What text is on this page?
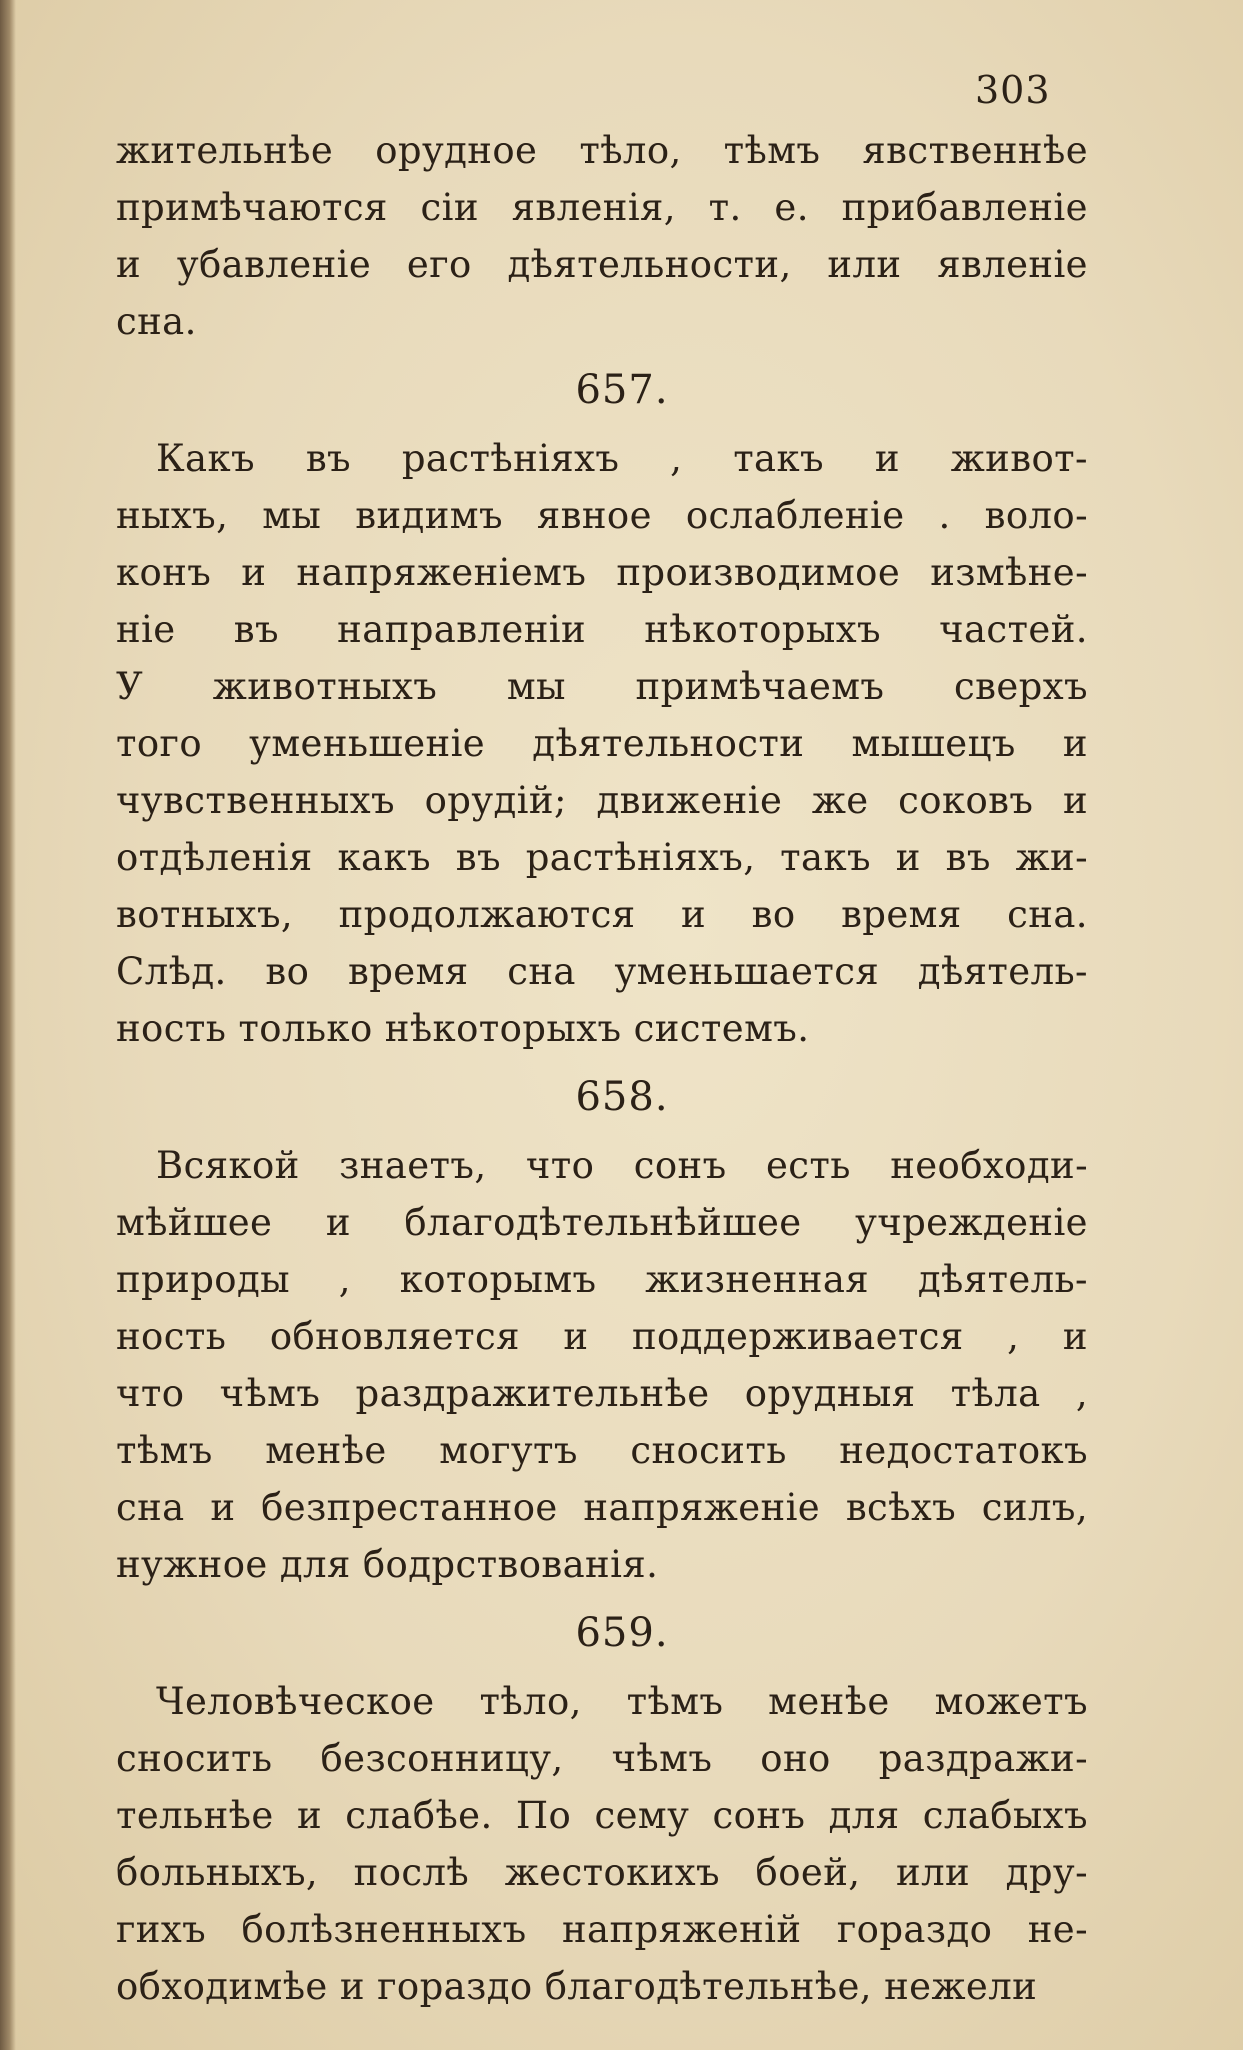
303
жительнѣе орудное тѣло, тѣмъ явственнѣе
примѣчаются сіи явленія, т. е. прибавленіе
и убавленіе его дѣятельности, или явленіе
сна.
657.
Какъ въ растѣніяхъ , такъ и живот-
ныхъ, мы видимъ явное ослабленіе . воло-
конъ и напряженіемъ производимое измѣне-
ніе въ направленіи нѣкоторыхъ частей.
У животныхъ мы примѣчаемъ сверхъ
того уменьшеніе дѣятельности мышецъ и
чувственныхъ орудій; движеніе же соковъ и
отдѣленія какъ въ растѣніяхъ, такъ и въ жи-
вотныхъ, продолжаются и во время сна.
Слѣд. во время сна уменьшается дѣятель-
ность только нѣкоторыхъ системъ.
658.
Всякой знаетъ, что сонъ есть необходи-
мѣйшее и благодѣтельнѣйшее учрежденіе
природы , которымъ жизненная дѣятель-
ность обновляется и поддерживается , и
что чѣмъ раздражительнѣе орудныя тѣла ,
тѣмъ менѣе могутъ сносить недостатокъ
сна и безпрестанное напряженіе всѣхъ силъ,
нужное для бодрствованія.
659.
Человѣческое тѣло, тѣмъ менѣе можетъ
сносить безсонницу, чѣмъ оно раздражи-
тельнѣе и слабѣе. По сему сонъ для слабыхъ
больныхъ, послѣ жестокихъ боей, или дру-
гихъ болѣзненныхъ напряженій гораздо не-
обходимѣе и гораздо благодѣтельнѣе, нежели
